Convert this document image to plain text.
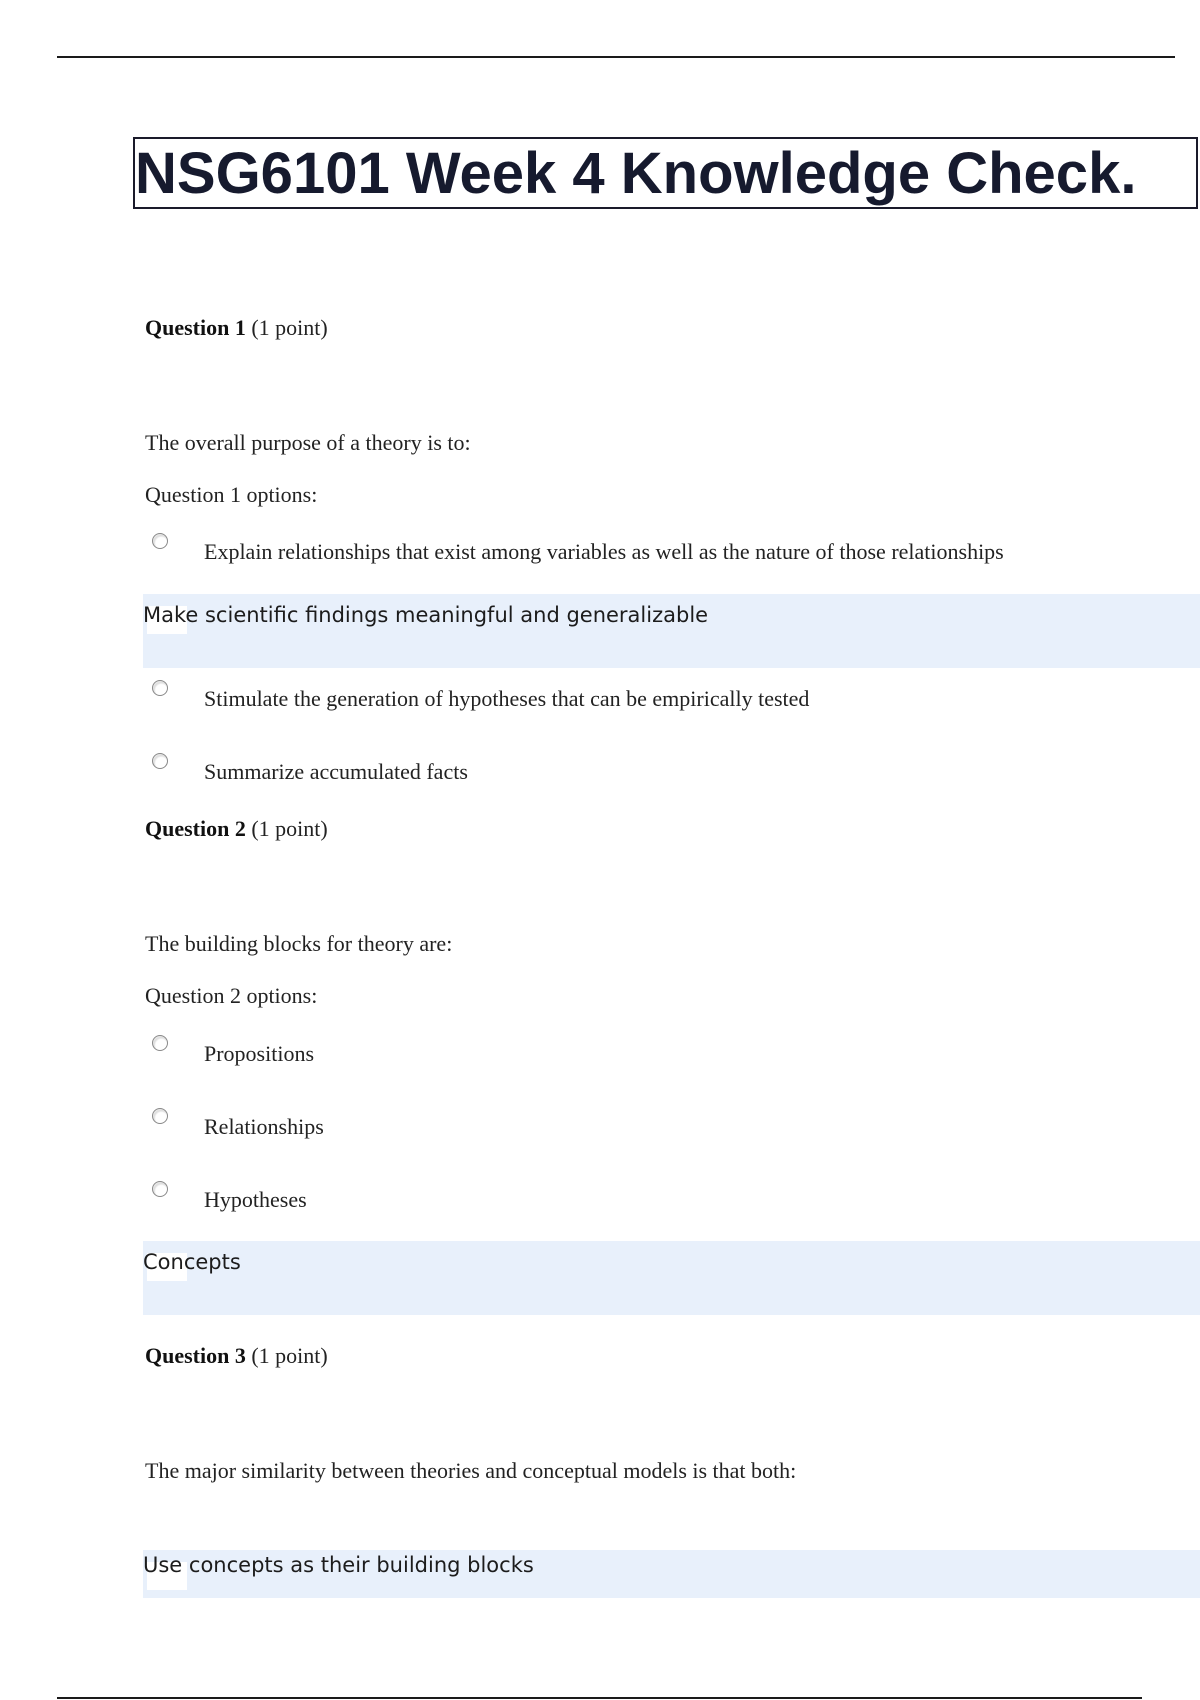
NSG6101 Week 4 Knowledge Check.
Question 1 (1 point)
The overall purpose of a theory is to:
Question 1 options:
Explain relationships that exist among variables as well as the nature of those relationships
Make scientific findings meaningful and generalizable
Stimulate the generation of hypotheses that can be empirically tested
Summarize accumulated facts
Question 2 (1 point)
The building blocks for theory are:
Question 2 options:
Propositions
Relationships
Hypotheses
Concepts
Question 3 (1 point)
The major similarity between theories and conceptual models is that both:
Use concepts as their building blocks
